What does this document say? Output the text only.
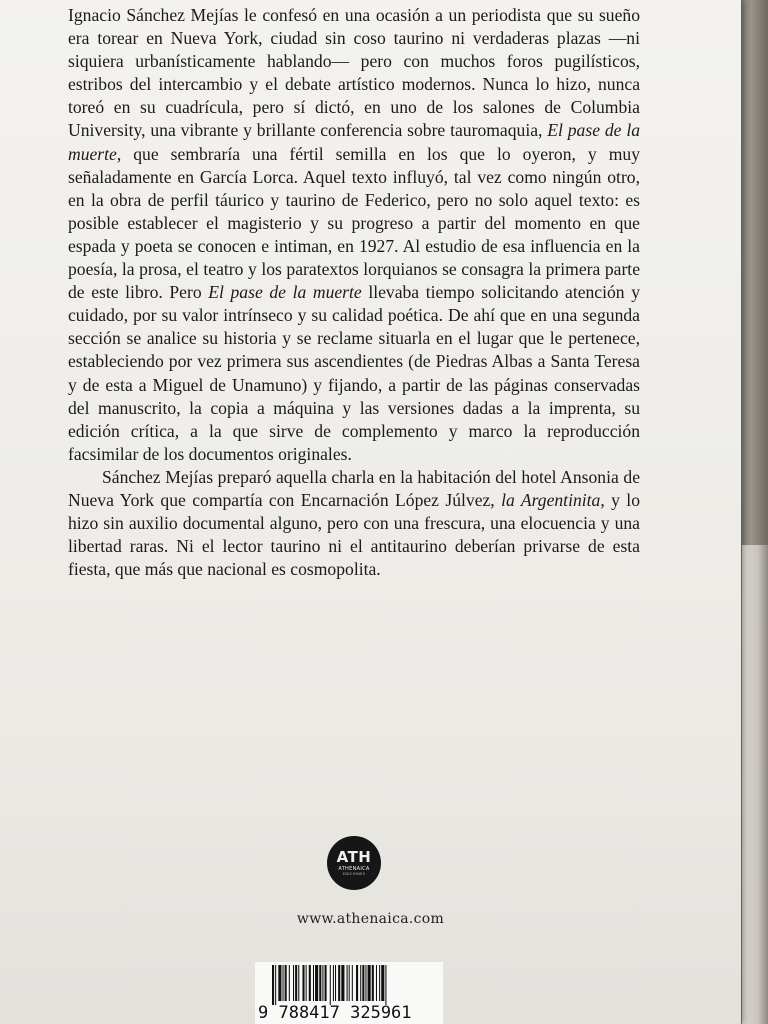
Ignacio Sánchez Mejías le confesó en una ocasión a un periodista que su sueño era torear en Nueva York, ciudad sin coso taurino ni verdaderas plazas —ni siquiera urbanísticamente hablando— pero con muchos foros pugilísticos, estribos del intercambio y el debate artístico modernos. Nunca lo hizo, nunca toreó en su cuadrícula, pero sí dictó, en uno de los salones de Columbia University, una vibrante y brillante conferencia sobre tauromaquia, El pase de la muerte, que sembraría una fértil semilla en los que lo oyeron, y muy señaladamente en García Lorca. Aquel texto influyó, tal vez como ningún otro, en la obra de perfil táurico y taurino de Federico, pero no solo aquel texto: es posible establecer el magisterio y su progreso a partir del momento en que espada y poeta se conocen e intiman, en 1927. Al estudio de esa influencia en la poesía, la prosa, el teatro y los paratextos lorquianos se consagra la primera parte de este libro. Pero El pase de la muerte llevaba tiempo solicitando atención y cuidado, por su valor intrínseco y su calidad poética. De ahí que en una segunda sección se analice su historia y se reclame situarla en el lugar que le pertenece, estableciendo por vez primera sus ascendientes (de Piedras Albas a Santa Teresa y de esta a Miguel de Unamuno) y fijando, a partir de las páginas conservadas del manuscrito, la copia a máquina y las versiones dadas a la imprenta, su edición crítica, a la que sirve de complemento y marco la reproducción facsimilar de los documentos originales.

Sánchez Mejías preparó aquella charla en la habitación del hotel Ansonia de Nueva York que compartía con Encarnación López Júlvez, la Argentinita, y lo hizo sin auxilio documental alguno, pero con una frescura, una elocuencia y una libertad raras. Ni el lector taurino ni el antitaurino deberían privarse de esta fiesta, que más que nacional es cosmopolita.

ATH
ATHENAICA
EDICIONES
www.athenaica.com
9 788417 325961
